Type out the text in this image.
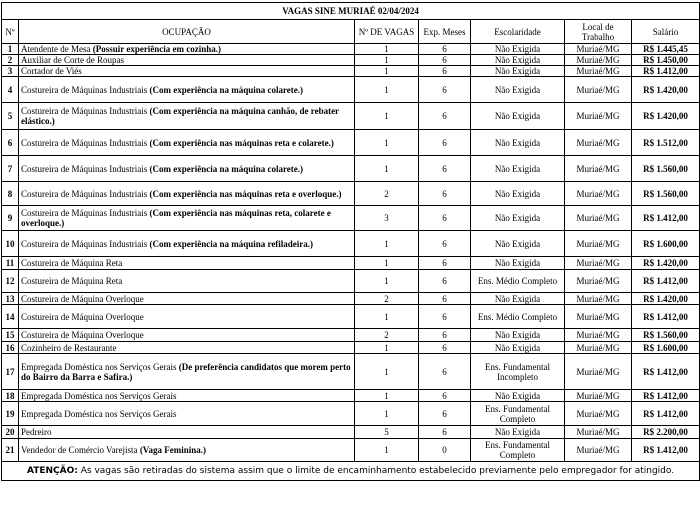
VAGAS SINE MURIAÉ 02/04/2024						
Nº	OCUPAÇÃO	Nº DE VAGAS	Exp. Meses	Escolaridade	Local de Trabalho	Salário
1	Atendente de Mesa (Possuir experiência em cozinha.)	1	6	Não Exigida	Muriaé/MG	R$ 1.445,45
2	Auxiliar de Corte de Roupas	1	6	Não Exigida	Muriaé/MG	R$ 1.450,00
3	Cortador de Viés	1	6	Não Exigida	Muriaé/MG	R$ 1.412,00
4	Costureira de Máquinas Industriais (Com experiência na máquina colarete.)	1	6	Não Exigida	Muriaé/MG	R$ 1.420,00
5	Costureira de Máquinas Industriais (Com experiência na máquina canhão, de rebater elástico.)	1	6	Não Exigida	Muriaé/MG	R$ 1.420,00
6	Costureira de Máquinas Industriais (Com experiência nas máquinas reta e colarete.)	1	6	Não Exigida	Muriaé/MG	R$ 1.512,00
7	Costureira de Máquinas Industriais (Com experiência na máquina colarete.)	1	6	Não Exigida	Muriaé/MG	R$ 1.560,00
8	Costureira de Máquinas Industriais (Com experiência nas máquinas reta e overloque.)	2	6	Não Exigida	Muriaé/MG	R$ 1.560,00
9	Costureira de Máquinas Industriais (Com experiência nas máquinas reta, colarete e overloque.)	3	6	Não Exigida	Muriaé/MG	R$ 1.412,00
10	Costureira de Máquinas Industriais (Com experiência na máquina refiladeira.)	1	6	Não Exigida	Muriaé/MG	R$ 1.600,00
11	Costureira de Máquina Reta	1	6	Não Exigida	Muriaé/MG	R$ 1.420,00
12	Costureira de Máquina Reta	1	6	Ens. Médio Completo	Muriaé/MG	R$ 1.412,00
13	Costureira de Máquina Overloque	2	6	Não Exigida	Muriaé/MG	R$ 1.420,00
14	Costureira de Máquina Overloque	1	6	Ens. Médio Completo	Muriaé/MG	R$ 1.412,00
15	Costureira de Máquina Overloque	2	6	Não Exigida	Muriaé/MG	R$ 1.560,00
16	Cozinheiro de Restaurante	1	6	Não Exigida	Muriaé/MG	R$ 1.600,00
17	Empregada Doméstica nos Serviços Gerais (De preferência candidatos que morem perto do Bairro da Barra e Safira.)	1	6	Ens. Fundamental Incompleto	Muriaé/MG	R$ 1.412,00
18	Empregada Doméstica nos Serviços Gerais	1	6	Não Exigida	Muriaé/MG	R$ 1.412,00
19	Empregada Doméstica nos Serviços Gerais	1	6	Ens. Fundamental Completo	Muriaé/MG	R$ 1.412,00
20	Pedreiro	5	6	Não Exigida	Muriaé/MG	R$ 2.200,00
21	Vendedor de Comércio Varejista (Vaga Feminina.)	1	0	Ens. Fundamental Completo	Muriaé/MG	R$ 1.412,00
ATENÇÃO: As vagas são retiradas do sistema assim que o limite de encaminhamento estabelecido previamente pelo empregador for atingido.						
